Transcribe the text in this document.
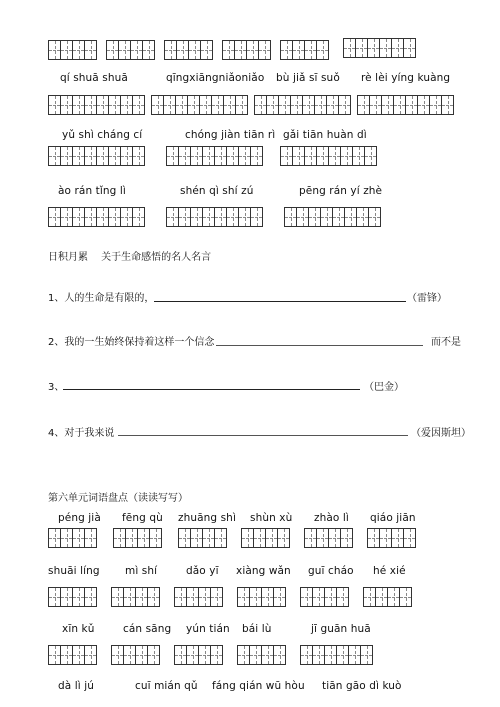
qí shuā shuā	qīngxiāngniǎoniǎo bù jiǎ sī suǒ rè lèi yíng kuàng
yǔ shì cháng cí	chóng jiàn tiān rì gǎi tiān huàn dì
ào rán tǐng lì	shén qì shí zú	pēng rán yí zhè
日积月累　 关于生命感悟的名人名言
1、人的生命是有限的，	（雷锋）
2、我的一生始终保持着这样一个信念	而不是
3、	（巴金）
4、对于我来说	（爱因斯坦）
第六单元词语盘点（读读写写）
péng jià fēng qù zhuāng shì shùn xù zhào lì qiáo jiān
shuāi líng mì shí	dǎo yī xiàng wǎn guī cháo hé xié
xīn kǔ	cán sāng yún tián bái lù	jī guān huā
dà lì jú	cuī mián qǔ fáng qián wū hòu tiān gāo dì kuò
